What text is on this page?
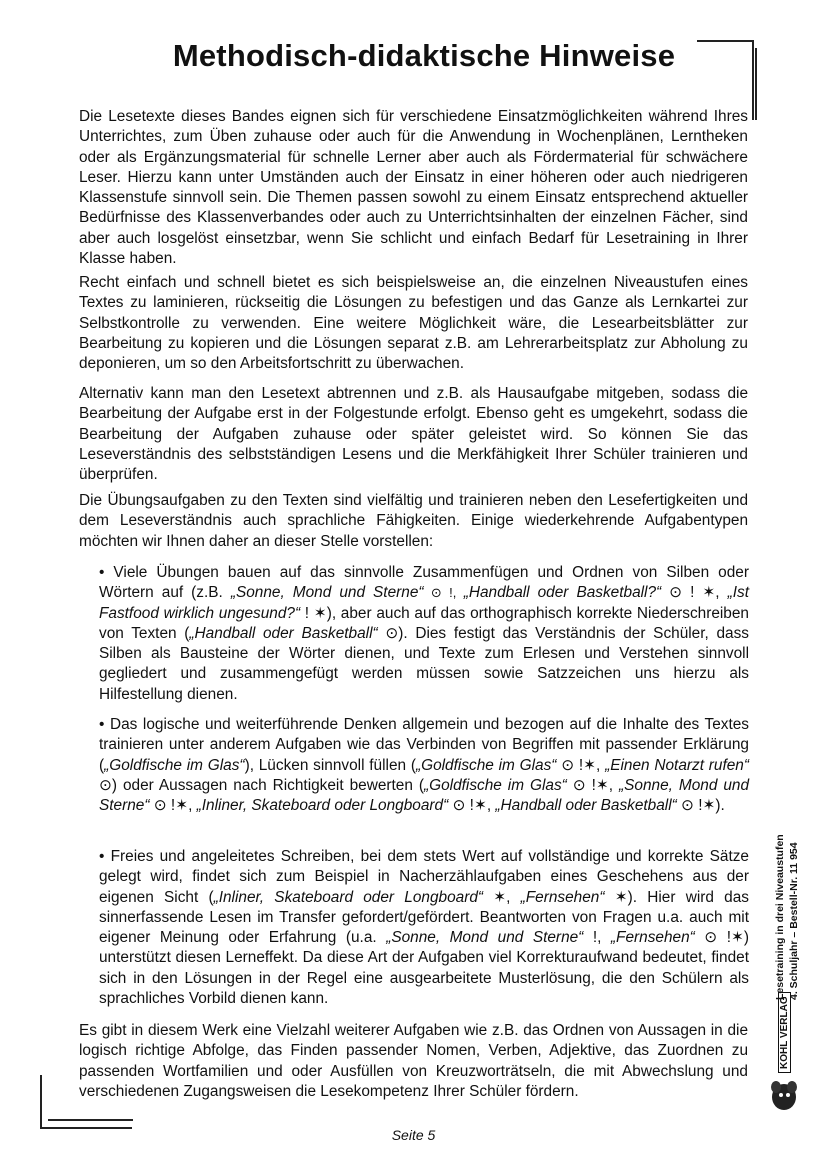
Methodisch-didaktische Hinweise

Die Lesetexte dieses Bandes eignen sich für verschiedene Einsatzmöglichkeiten während Ihres Unterrichtes, zum Üben zuhause oder auch für die Anwendung in Wochenplänen, Lerntheken oder als Ergänzungsmaterial für schnelle Lerner aber auch als Fördermaterial für schwächere Leser. Hierzu kann unter Umständen auch der Einsatz in einer höheren oder auch niedrigeren Klassenstufe sinnvoll sein. Die Themen passen sowohl zu einem Einsatz entsprechend aktueller Bedürfnisse des Klassenverbandes oder auch zu Unterrichtsinhalten der einzelnen Fächer, sind aber auch losgelöst einsetzbar, wenn Sie schlicht und einfach Bedarf für Lesetraining in Ihrer Klasse haben.

Recht einfach und schnell bietet es sich beispielsweise an, die einzelnen Niveaustufen eines Textes zu laminieren, rückseitig die Lösungen zu befestigen und das Ganze als Lernkartei zur Selbstkontrolle zu verwenden. Eine weitere Möglichkeit wäre, die Lesearbeitsblätter zur Bearbeitung zu kopieren und die Lösungen separat z.B. am Lehrerarbeitsplatz zur Abholung zu deponieren, um so den Arbeitsfortschritt zu überwachen.

Alternativ kann man den Lesetext abtrennen und z.B. als Hausaufgabe mitgeben, sodass die Bearbeitung der Aufgabe erst in der Folgestunde erfolgt. Ebenso geht es umgekehrt, sodass die Bearbeitung der Aufgaben zuhause oder später geleistet wird. So können Sie das Leseverständnis des selbstständigen Lesens und die Merkfähigkeit Ihrer Schüler trainieren und überprüfen.

Die Übungsaufgaben zu den Texten sind vielfältig und trainieren neben den Lesefertigkeiten und dem Leseverständnis auch sprachliche Fähigkeiten. Einige wiederkehrende Aufgabentypen möchten wir Ihnen daher an dieser Stelle vorstellen:

• Viele Übungen bauen auf das sinnvolle Zusammenfügen und Ordnen von Silben oder Wörtern auf (z.B. „Sonne, Mond und Sterne“ ⊙ !, „Handball oder Basketball?“ ⊙ ! ✶, „Ist Fastfood wirklich ungesund?“ ! ✶), aber auch auf das orthographisch korrekte Niederschreiben von Texten („Handball oder Basketball“ ⊙). Dies festigt das Verständnis der Schüler, dass Silben als Bausteine der Wörter dienen, und Texte zum Erlesen und Verstehen sinnvoll gegliedert und zusammengefügt werden müssen sowie Satzzeichen uns hierzu als Hilfestellung dienen.

• Das logische und weiterführende Denken allgemein und bezogen auf die Inhalte des Textes trainieren unter anderem Aufgaben wie das Verbinden von Begriffen mit passender Erklärung („Goldfische im Glas“), Lücken sinnvoll füllen („Goldfische im Glas“ ⊙ !✶, „Einen Notarzt rufen“ ⊙) oder Aussagen nach Richtigkeit bewerten („Goldfische im Glas“ ⊙ !✶, „Sonne, Mond und Sterne“ ⊙ !✶, „Inliner, Skateboard oder Longboard“ ⊙ !✶, „Handball oder Basketball“ ⊙ !✶).

• Freies und angeleitetes Schreiben, bei dem stets Wert auf vollständige und korrekte Sätze gelegt wird, findet sich zum Beispiel in Nacherzählaufgaben eines Geschehens aus der eigenen Sicht („Inliner, Skateboard oder Longboard“ ✶, „Fernsehen“ ✶). Hier wird das sinnerfassende Lesen im Transfer gefordert/gefördert. Beantworten von Fragen u.a. auch mit eigener Meinung oder Erfahrung (u.a. „Sonne, Mond und Sterne“ !, „Fernsehen“ ⊙ !✶) unterstützt diesen Lerneffekt. Da diese Art der Aufgaben viel Korrekturaufwand bedeutet, findet sich in den Lösungen in der Regel eine ausgearbeitete Musterlösung, die den Schülern als sprachliches Vorbild dienen kann.

Es gibt in diesem Werk eine Vielzahl weiterer Aufgaben wie z.B. das Ordnen von Aussagen in die logisch richtige Abfolge, das Finden passender Nomen, Verben, Adjektive, das Zuordnen zu passenden Wortfamilien und oder Ausfüllen von Kreuzworträtseln, die mit Abwechslung und verschiedenen Zugangsweisen die Lesekompetenz Ihrer Schüler fördern.

Seite 5
Lesetraining in drei Niveaustufen 4. Schuljahr – Bestell-Nr. 11 954
KOHL VERLAG
